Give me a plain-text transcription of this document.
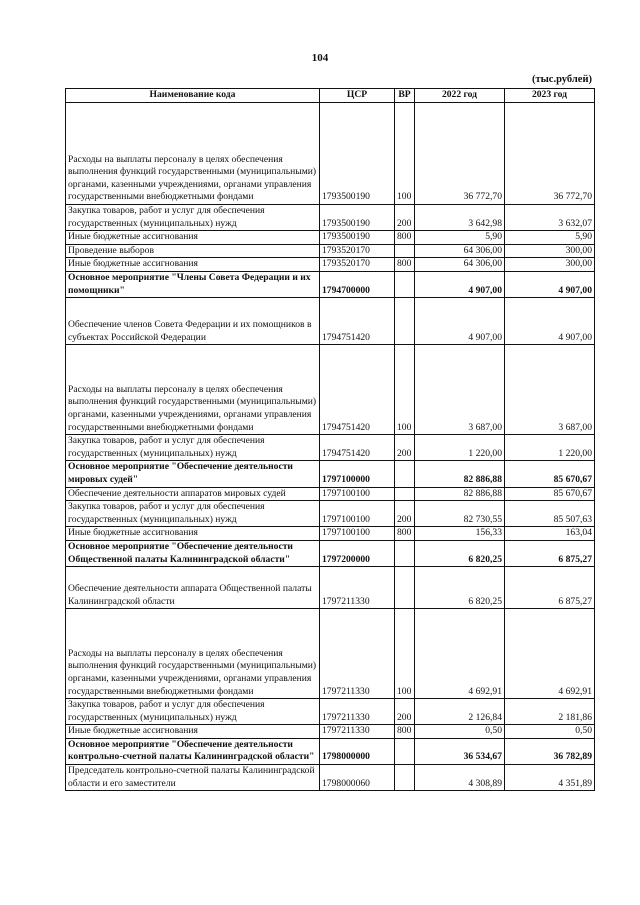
104
(тыс.рублей)
Наименование кода	ЦСР	ВР	2022 год	2023 год
Расходы на выплаты персоналу в целях обеспечения выполнения функций государственными (муниципальными) органами, казенными учреждениями, органами управления государственными внебюджетными фондами	1793500190	100	36 772,70	36 772,70
Закупка товаров, работ и услуг для обеспечения государственных (муниципальных) нужд	1793500190	200	3 642,98	3 632,07
Иные бюджетные ассигнования	1793500190	800	5,90	5,90
Проведение выборов	1793520170		64 306,00	300,00
Иные бюджетные ассигнования	1793520170	800	64 306,00	300,00
Основное мероприятие "Члены Совета Федерации и их помощники"	1794700000		4 907,00	4 907,00
Обеспечение членов Совета Федерации и их помощников в субъектах Российской Федерации	1794751420		4 907,00	4 907,00
Расходы на выплаты персоналу в целях обеспечения выполнения функций государственными (муниципальными) органами, казенными учреждениями, органами управления государственными внебюджетными фондами	1794751420	100	3 687,00	3 687,00
Закупка товаров, работ и услуг для обеспечения государственных (муниципальных) нужд	1794751420	200	1 220,00	1 220,00
Основное мероприятие "Обеспечение деятельности мировых судей"	1797100000		82 886,88	85 670,67
Обеспечение деятельности аппаратов мировых судей	1797100100		82 886,88	85 670,67
Закупка товаров, работ и услуг для обеспечения государственных (муниципальных) нужд	1797100100	200	82 730,55	85 507,63
Иные бюджетные ассигнования	1797100100	800	156,33	163,04
Основное мероприятие "Обеспечение деятельности Общественной палаты Калининградской области"	1797200000		6 820,25	6 875,27
Обеспечение деятельности аппарата Общественной палаты Калининградской области	1797211330		6 820,25	6 875,27
Расходы на выплаты персоналу в целях обеспечения выполнения функций государственными (муниципальными) органами, казенными учреждениями, органами управления государственными внебюджетными фондами	1797211330	100	4 692,91	4 692,91
Закупка товаров, работ и услуг для обеспечения государственных (муниципальных) нужд	1797211330	200	2 126,84	2 181,86
Иные бюджетные ассигнования	1797211330	800	0,50	0,50
Основное мероприятие "Обеспечение деятельности контрольно-счетной палаты Калининградской области"	1798000000		36 534,67	36 782,89
Председатель контрольно-счетной палаты Калининградской области и его заместители	1798000060		4 308,89	4 351,89
